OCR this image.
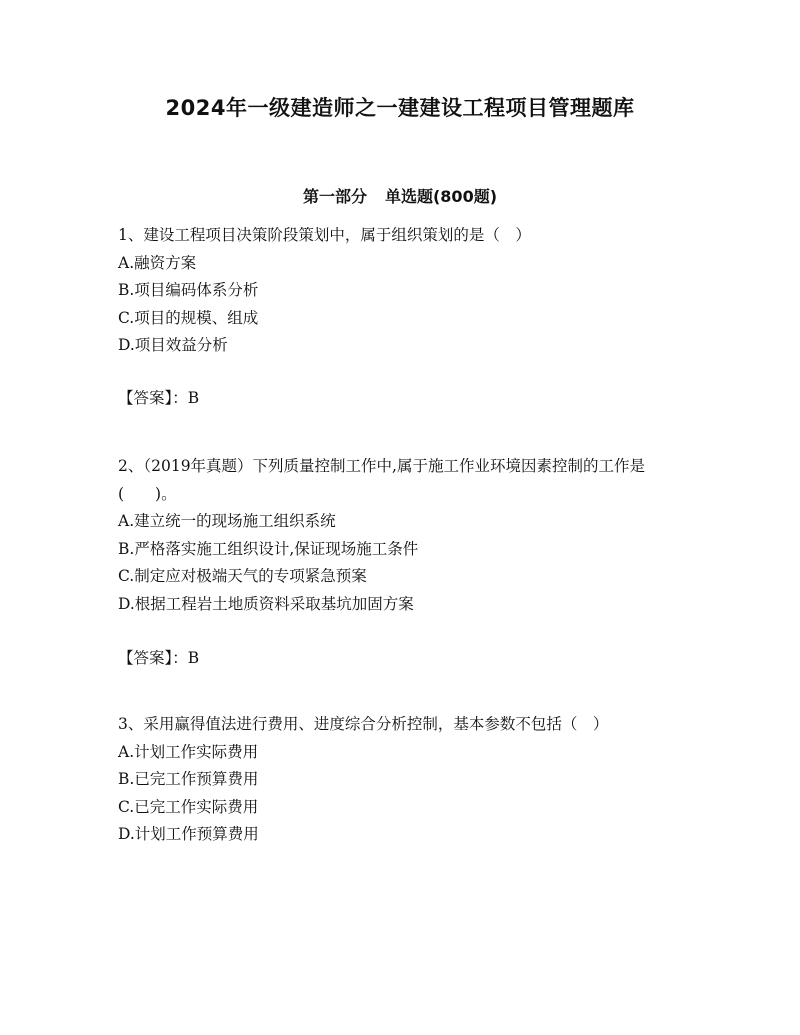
2024年一级建造师之一建建设工程项目管理题库
第一部分 单选题(800题)

1、建设工程项目决策阶段策划中，属于组织策划的是（　）

A.融资方案

B.项目编码体系分析

C.项目的规模、组成

D.项目效益分析

【答案】：B

2、（2019年真题）下列质量控制工作中,属于施工作业环境因素控制的工作是(　　)。

A.建立统一的现场施工组织系统

B.严格落实施工组织设计,保证现场施工条件

C.制定应对极端天气的专项紧急预案

D.根据工程岩土地质资料采取基坑加固方案

【答案】：B

3、采用赢得值法进行费用、进度综合分析控制，基本参数不包括（　）

A.计划工作实际费用

B.已完工作预算费用

C.已完工作实际费用

D.计划工作预算费用
